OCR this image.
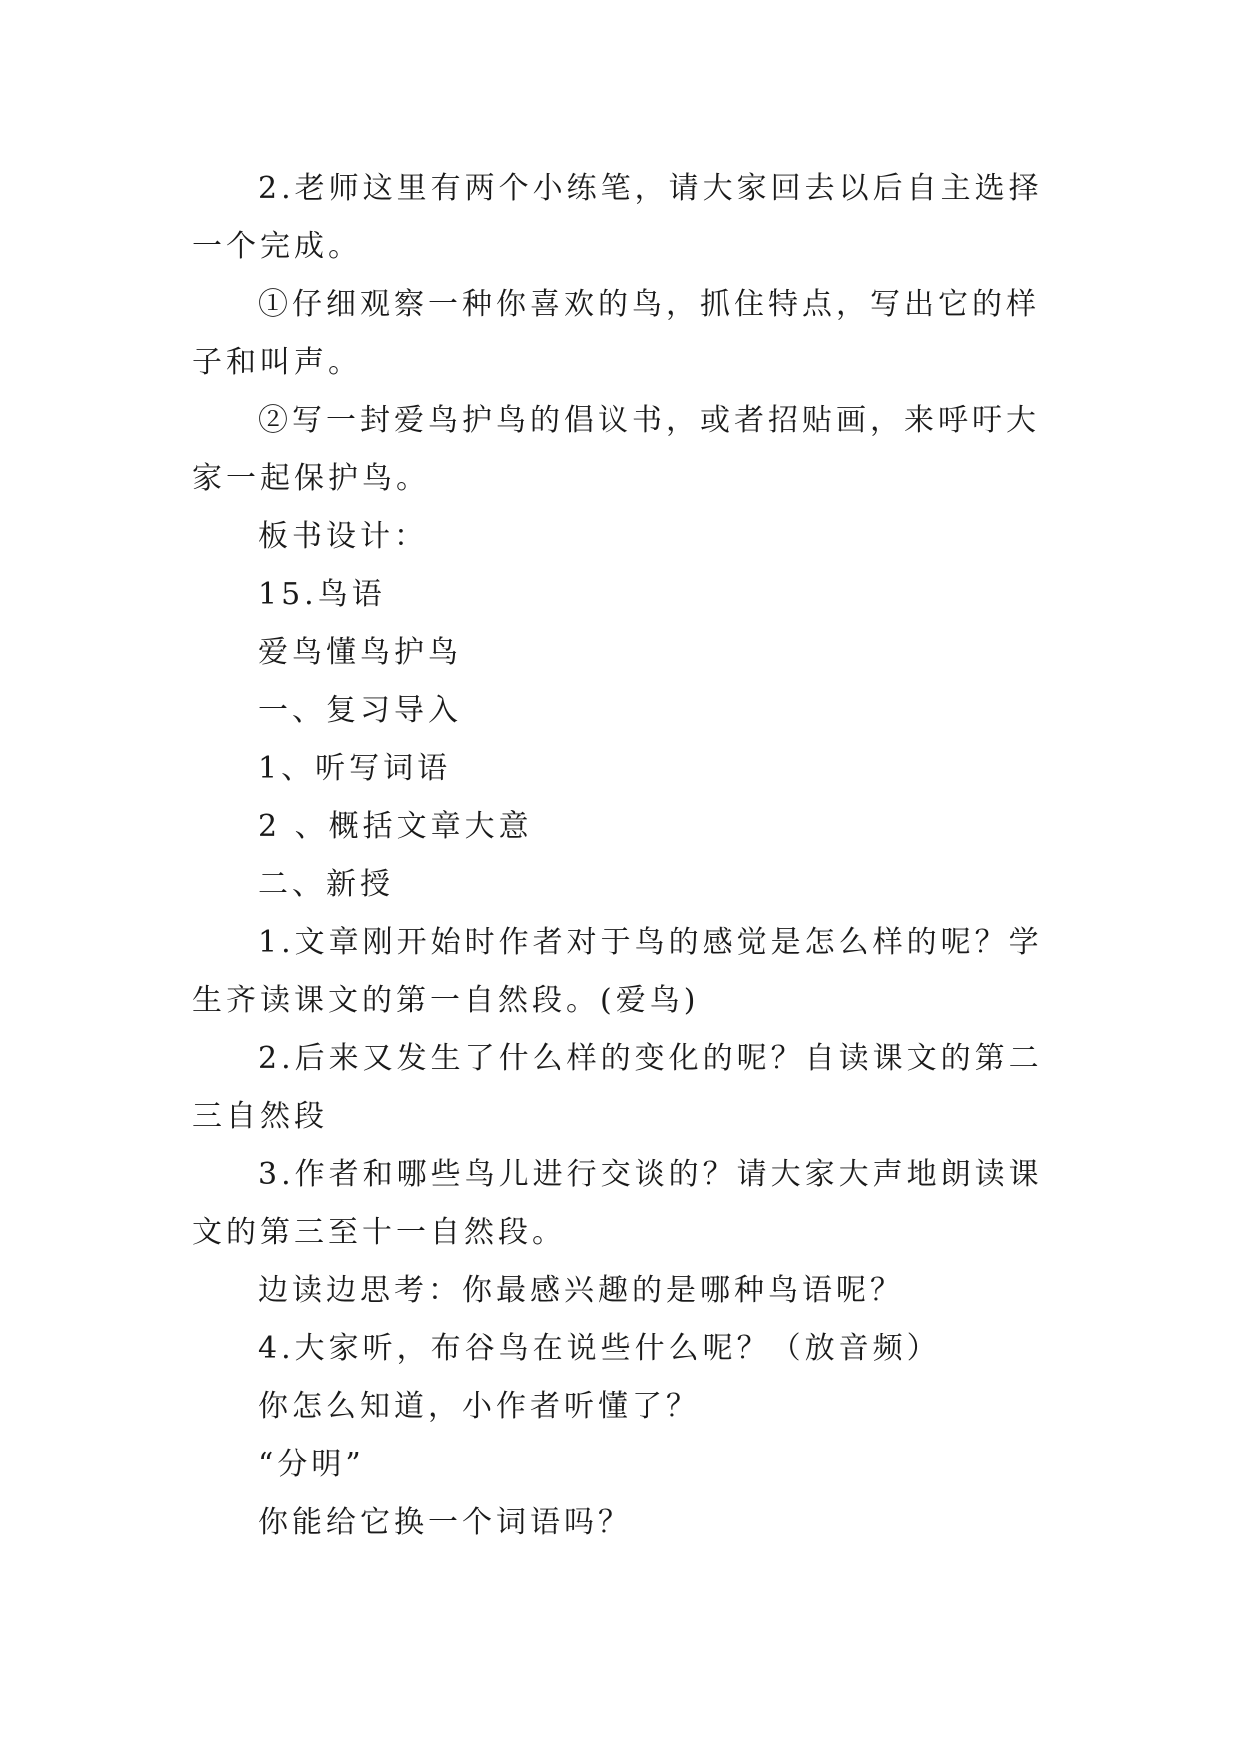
2.老师这里有两个小练笔，请大家回去以后自主选择一个完成。

①仔细观察一种你喜欢的鸟，抓住特点，写出它的样子和叫声。

②写一封爱鸟护鸟的倡议书，或者招贴画，来呼吁大家一起保护鸟。

板书设计：

15.鸟语

爱鸟懂鸟护鸟

一、复习导入

1、听写词语

2 、概括文章大意

二、新授

1.文章刚开始时作者对于鸟的感觉是怎么样的呢？学生齐读课文的第一自然段。(爱鸟)

2.后来又发生了什么样的变化的呢？自读课文的第二三自然段

3.作者和哪些鸟儿进行交谈的？请大家大声地朗读课文的第三至十一自然段。

边读边思考：你最感兴趣的是哪种鸟语呢？

4.大家听，布谷鸟在说些什么呢？（放音频）

你怎么知道，小作者听懂了？

“分明”

你能给它换一个词语吗？
